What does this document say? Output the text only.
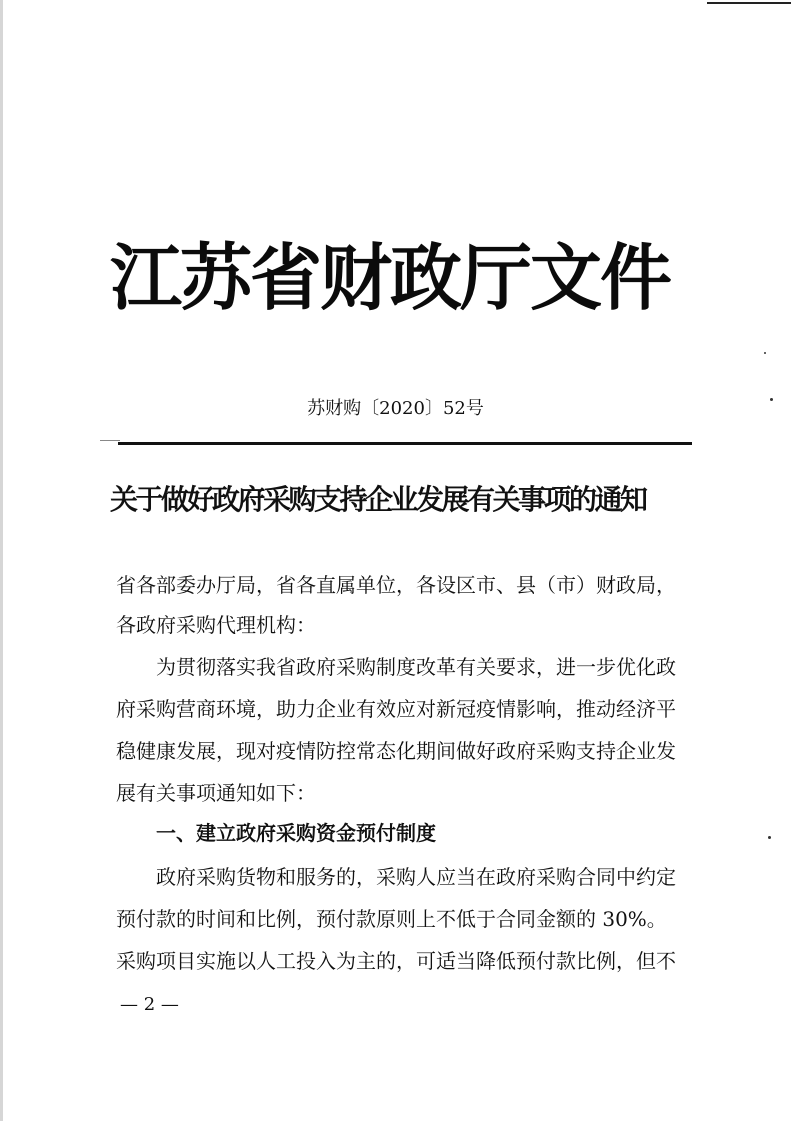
江苏省财政厅文件
苏财购〔2020〕52号
关于做好政府采购支持企业发展有关事项的通知
省各部委办厅局，省各直属单位，各设区市、县（市）财政局，
各政府采购代理机构：
为贯彻落实我省政府采购制度改革有关要求，进一步优化政
府采购营商环境，助力企业有效应对新冠疫情影响，推动经济平
稳健康发展，现对疫情防控常态化期间做好政府采购支持企业发
展有关事项通知如下：
一、建立政府采购资金预付制度
政府采购货物和服务的，采购人应当在政府采购合同中约定
预付款的时间和比例，预付款原则上不低于合同金额的 30%。
采购项目实施以人工投入为主的，可适当降低预付款比例，但不
— 2 —
